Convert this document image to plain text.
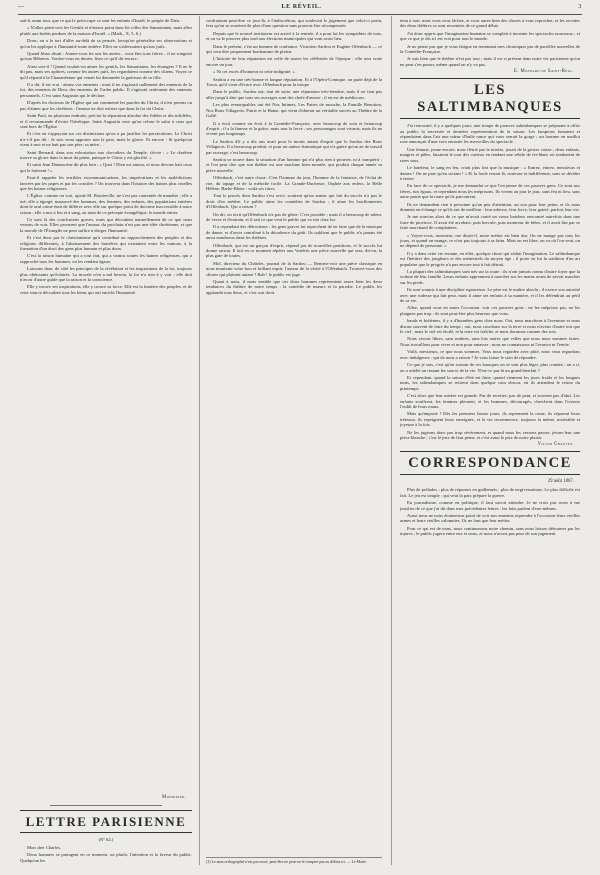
—	LE RÉVEIL.	3

sait-il avant tout, que ce qui le préoccupe ce sont les enfants d'Israël, le peuple de Dieu :

« N'allez point vers les Gentils et n'entrez point dans les villes des Samaritains, mais allez plutôt aux brebis perdues de la maison d'Israël. » (Math., X, 5, 6.)

Donc, on a le tort d'aller au-delà de sa pensée, lorsqu'on généralise ses observations et qu'on les applique à l'humanité toute entière. Elles ne s'adressaient qu'aux juifs.

Quand Jésus disait : Aimez-vous les uns les autres... vous êtes tous frères... il ne songeait qu'aux Hébreux. Voulez-vous en douter, lisez ce qu'il dit encore :

Ainsi soit-il ! Quand voulait-on aimer les gentils, les Samaritains, les étrangers ? Il ne le dit pas, mais ses apôtres, comme les autres juifs, les regardaient comme des chiens. Voyez ce qu'il répond à la Chananéenne qui venait lui demander la guérison de sa fille.

Il a dit, il est vrai : aimez vos ennemis ; mais il ne s'agissait nullement des ennemis de la foi, des ennemis de Dieu, des ennemis de l'ordre public. Il s'agissait seulement des ennemis personnels. C'est saint Augustin qui le déclare.

D'après les docteurs de l'Église qui ont commenté les paroles du Christ, il n'est permis ou pas d'aimer que les chrétiens : l'amour ne doit exister que dans la foi du Christ.

Saint Paul, en plusieurs endroits, précise la séparation absolue des fidèles et des infidèles, et il recommande d'éviter l'hérétique. Saint Augustin veut qu'on refuse le salut à ceux qui sont hors de l'Église.

Et c'est en s'appuyant sur ces distinctions qu'on a pu justifier les persécutions. Le Christ n'a-t-il pas dit : Je suis venu apporter non la paix, mais le glaive. Et encore : Si quelqu'un vient à moi et ne hait pas son père, sa mère...

Saint Bernard, dans son exhortation aux chevaliers du Temple, s'écrie : « Le chrétien trouve sa gloire dans la mort du païen, puisque le Christ y est glorifié. »

Et saint Jean Damascène dit plus loin : « Quoi ! Dieu est amour, et nous devons haïr ceux qui le haïssent ! »

Faut-il rappeler les terribles excommunications, les imprécations et les malédictions lancées par les papes et par les conciles ? On trouvera dans l'histoire des haines plus cruelles que les haines religieuses.

L'Église, comme on voit, ajoute M. Boutteville, ne s'est pas contentée de maudire ; elle a tué, elle a égorgé, massacré des hommes, des femmes, des enfants, des populations entières dont le seul crime était de différer avec elle sur quelque point de doctrine inaccessible à notre raison ; elle a mis à feu et à sang, au nom de ce précepte évangélique, le monde entier.

Ce sont là des conclusions graves, mais qui découlent naturellement de ce que nous venons de voir. Elles prouvent que l'amour du prochain n'est pas une idée chrétienne, et que la morale de l'Évangile ne peut suffire à diriger l'humanité.

Et c'est donc par le christianisme qu'à contribué au rapprochement des peuples et des religions différentes, à l'abaissement des barrières qui existaient entre les nations, à la formation d'un droit des gens plus humain et plus doux.

C'est la raison humaine qui a tout fait, qui a vaincu toutes les haines religieuses, qui a rapproché tous les hommes, en les rendant égaux.

Laissons donc de côté les principes de la révélation et les inspirations de la foi, toujours plus obéissants qu'éclairés. La morale n'en a nul besoin, la foi n'a rien à y voir ; elle doit n'avoir d'autre guide que la raison et la conscience.

Elle y trouve ses inspirations, elle y trouve sa force. Elle est la lumière des peuples, et de cette source découlent tous les biens qui ont enrichi l'humanité.

Mondidier.
LETTRE PARISIENNE
(Nº 62.)

Mon cher Charles,

Deux hommes se partagent en ce moment, ou plutôt, l'attention et la faveur du public. Quelqu'un les

confrontant peut-être ce jour-là, à l'indiscrétion, qui soulevait le jugement que celui-ci porta, fera qu'on se souvient de plus d'une question sans pouvoir être récompensée.

Depuis que le nouvel instituteur est arrivé à la rentrée, il a pour lui les sympathies de tous, et on va le prouver plus tard aux élections municipales qui vont avoir lieu.

Dans le présent, c'est un homme de confiance. Victorien Sardou et Eugène Offenbach — ce qui veut dire proprement bonhomme de plaisir.

L'histoire de leur réputation est celle de toutes les célébrités de l'époque ; elle sera vraie encore un jour.

« Ni cet excès d'honneur ni cette indignité. »

Sardou a eu une très-bonne et longue réputation. Et à l'Opéra-Comique, on parle déjà de la Tosca, qu'il vient d'écrire avec Offenbach pour la troupe.

Dans le public, Sardou eut, tout de suite, une réputation très-étendue, mais il ne faut pas aller jusqu'à dire que tous ses ouvrages sont des chefs-d'œuvre ; il en est de médiocres.

Les plus remarquables ont été Nos Intimes, Les Pattes de mouche, la Famille Benoiton, Nos Bons Villageois, Patrie et la Haine, qui vient d'obtenir un véritable succès au Théâtre de la Gaîté.

Il a écrit comme on écrit à la Comédie-Française, avec beaucoup de soin et beaucoup d'esprit ; il a la finesse et la grâce, mais non la force ; ses personnages sont vivants, mais ils ne vivent pas longtemps.

Le Sardou d'il y a dix ans avait pour le moins autant d'esprit que le Sardou des Bons Villageois. Il a beaucoup produit, et pour un auteur dramatique qui n'a guère qu'un an de travail par ouvrage, c'est beaucoup.

Sardou se trouve dans la situation d'un homme qui n'a plus rien à prouver, ni à conquérir ; et l'on peut dire que son théâtre est une machine bien montée, qui produit chaque année sa pièce nouvelle.

Offenbach, c'est autre chose. C'est l'homme du jour, l'homme de la fantaisie, de l'éclat de rire, du tapage et de la mélodie facile. La Grande-Duchesse, Orphée aux enfers, la Belle Hélène, Barbe-Bleue : voilà ses titres.

Tout le procès dont Sardou s'est servi, soutient qu'un auteur qui fait du succès n'a pas le droit d'en médire. Le public aime les comédies de Sardou ; il aime les bouffonneries d'Offenbach. Qui a raison ?

On dit, on écrit qu'Offenbach n'a pas de génie. C'est possible ; mais il a beaucoup de talent, de verve et d'entrain, et il sait ce que veut le public qui va rire chez lui.

Il a cependant des détracteurs : les gens graves lui reprochent de ne faire que de la musique de danse, et d'avoir contribué à la décadence du goût. Ils oublient que le public n'a jamais été aussi nombreux dans les théâtres.

Offenbach, qui est un garçon d'esprit, répond par de nouvelles partitions, et le succès lui donne raison. Il fait en ce moment répéter aux Variétés une pièce nouvelle qui sera, dit-on, la plus gaie de toutes.

Mol, directeur du Châtelet, journal de la Sardou — Rentrez-voir une pièce classique en nous montrant votre bon et brillant esprit, l'auteur de la vérité à l'Offenbach. Trouvez-vous des choses qui plaisent autant ? Bah ! le public est juge.

Quant à nous, il nous semble que ces deux hommes représentent assez bien les deux tendances du théâtre de notre temps : la comédie de mœurs et la parodie. Le public les applaudit tous deux, et c'est son droit.

(1) Le nom orthographié n'est pas exact, peut-être ne peut-on le compter pas au défaut ici. — Le Maire.

tenu à tout, mais vous vous fâchez, et vous aurez bien des choses à vous reprocher, et les recettes des deux théâtres se sont ressenties de ce grand débat.

J'ai donc appris que l'imagination humaine se complait à inventer les spectacles nouveaux ; et que ce que je dis ici est vrai pour tout le monde.

Je ne pense pas que je vous fatigue en terminant mes chroniques par de pareilles nouvelles de la Comédie-Française.

Je sais bien que le théâtre n'est pas tout ; mais il est si présent dans notre vie parisienne qu'on ne peut s'en passer, même quand on n'y va pas.

E. Mosnard de Saint-Réal.
LES SALTIMBANQUES

J'ai rencontré, il y a quelques jours, une troupe de pauvres saltimbanques se préparant à offrir au public la traversée et dernière représentation de la saison. Les lampions fumaient et répandaient dans l'air une odeur d'huile rance qui vous serrait la gorge ; un homme en maillot rose annonçait d'une voix enrouée les merveilles du spectacle.

Une femme, jeune encore, mais flétrie par la misère, jouait de la grosse caisse ; deux enfants, maigres et pâles, faisaient le tour des curieux en tendant une sébile de fer-blanc où tombaient de rares sous.

Le bateleur, le sang en feu, criait plus fort que la musique : « Entrez, entrez, messieurs et dames ! On ne paie qu'en sortant ! » Et la foule restait là, curieuse et indifférente, sans se décider à entrer.

En face de ce spectacle, je me demandai ce que l'on pense de ces pauvres gens. Ce sont nos frères, nos égaux, et cependant nous les méprisons. Ils vivent au jour le jour, sans feu ni lieu, sans autre patrie que la route qu'ils parcourent.

Ils ne demandent rien à personne qu'un peu d'attention, un sou pour leur peine, et ils nous donnent en échange ce qu'ils ont de meilleur : leur adresse, leur force, leur gaieté, parfois leur vie.

Je me souvins alors de ce que m'avait conté un vieux bateleur rencontré autrefois dans une foire de province. Il avait été acrobate, puis hercule, puis montreur de bêtes, et il avait fini par se faire marchand de complaintes.

« Voyez-vous, monsieur, me disait-il, notre métier est bien dur. On ne mange pas tous les jours, et quand on mange, ce n'est pas toujours à sa faim. Mais on est libre, on va où l'on veut, on ne dépend de personne. »

Il y a dans cette vie errante, en effet, quelque chose qui séduit l'imagination. Le saltimbanque est l'héritier des jongleurs et des ménestrels du moyen âge ; il porte en lui la tradition d'un art populaire que le progrès n'a pas encore tout à fait détruit.

La plupart des saltimbanques sont nés sur la route ; ils n'ont jamais connu d'autre foyer que la voiture de leur famille. Leurs enfants apprennent à marcher sur les mains avant de savoir marcher sur les pieds.

Ils sont soumis à une discipline rigoureuse. Le père est le maître absolu ; il exerce son autorité avec une rudesse qui fait peur, mais il aime ses enfants à sa manière, et il les défendrait au péril de sa vie.

Allez, quand vous en aurez l'occasion, voir ces pauvres gens ; ne les méprisez pas, ne les plaignez pas trop : ils sont peut-être plus heureux que vous.

bauds et bohèmes, il y a d'honnêtes gens chez nous. Oui, nous marchons à l'aventure et nous disons souvent de faire du temps ; oui, nous couchons sur la terre et nous n'avons d'autre toit que le ciel ; mais le ciel est étoilé, et la terre est fraîche, et nous dormons comme des rois.

Nous vivons libres, sans maîtres, sans lois autres que celles que nous nous sommes faites. Nous travaillons pour vivre et non pour amasser ; nous ne connaissons ni l'avarice ni l'envie.

Voilà, messieurs, ce que nous sommes. Vous nous regardez avec pitié, nous vous regardons avec indulgence : qui de nous a raison ? Je vous laisse le soin de répondre.

Ce que je sais, c'est qu'en sortant de ces baraques on se sent plus léger, plus content ; on a ri, on a oublié un instant les soucis de la vie. N'est-ce pas là un grand bienfait ?

Et cependant, quand la saison d'été est finie, quand viennent les jours froids et les longues nuits, les saltimbanques se retirent dans quelque coin obscur, où ils attendent le retour du printemps.

C'est alors que leur misère est grande. Pas de recettes, pas de pain, et souvent pas d'abri. Les enfants souffrent, les femmes pleurent, et les hommes, découragés, cherchent dans l'ivresse l'oubli de leurs maux.

Mais qu'importe ! Dès les premiers beaux jours, ils reprennent la route, ils réparent leurs tréteaux, ils repeignent leurs enseignes, et la vie recommence, toujours la même, misérable et joyeuse à la fois.

Ne les jugeons donc pas trop sévèrement, et quand nous les verrons passer, jetons-leur une pièce blanche ; c'est le prix de leur peine, et c'est aussi le prix de notre plaisir.

Victor Chauvet.
CORRESPONDANCE
29 août 1867.

Plus de préludes ; plus de réponses en guillemets ; plus de tergiversations. Le plus difficile est fait. Le jeu est simple : qui veut la paix prépare la guerre.

En journalisme, comme en politique, il faut savoir attendre. Je ne crois pas avoir à me justifier de ce que j'ai dit dans mes précédentes lettres ; les faits parlent d'eux-mêmes.

Aussi nous ne nous étonnerons point de voir nos ennemis reprendre à l'occasion leurs vieilles armes et leurs vieilles calomnies. Ils ne font que leur métier.

Pour ce qui est de nous, nous continuerons notre chemin, sans nous laisser détourner par les injures ; le public jugera entre eux et nous, et nous n'avons pas peur de son jugement.
